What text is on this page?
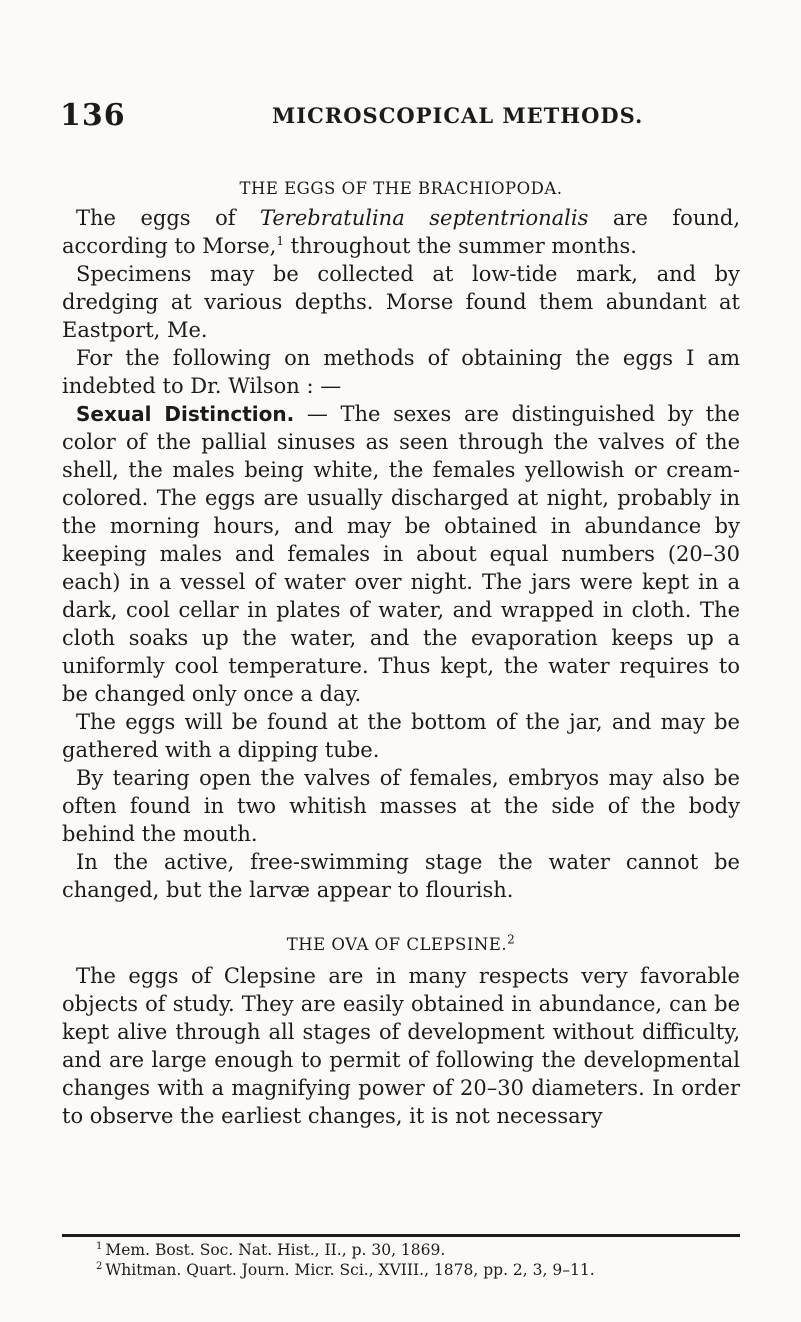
136	MICROSCOPICAL METHODS.
THE EGGS OF THE BRACHIOPODA.

The eggs of Terebratulina septentrionalis are found, according to Morse,$^1$ throughout the summer months.

Specimens may be collected at low-tide mark, and by dredging at various depths. Morse found them abundant at Eastport, Me.

For the following on methods of obtaining the eggs I am indebted to Dr. Wilson : —

Sexual Distinction. — The sexes are distinguished by the color of the pallial sinuses as seen through the valves of the shell, the males being white, the females yellowish or cream-colored. The eggs are usually discharged at night, probably in the morning hours, and may be obtained in abundance by keeping males and females in about equal numbers (20–30 each) in a vessel of water over night. The jars were kept in a dark, cool cellar in plates of water, and wrapped in cloth. The cloth soaks up the water, and the evaporation keeps up a uniformly cool temperature. Thus kept, the water requires to be changed only once a day.

The eggs will be found at the bottom of the jar, and may be gathered with a dipping tube.

By tearing open the valves of females, embryos may also be often found in two whitish masses at the side of the body behind the mouth.

In the active, free-swimming stage the water cannot be changed, but the larvæ appear to flourish.

THE OVA OF CLEPSINE.$^2$

The eggs of Clepsine are in many respects very favorable objects of study. They are easily obtained in abundance, can be kept alive through all stages of development without difficulty, and are large enough to permit of following the developmental changes with a magnifying power of 20–30 diameters. In order to observe the earliest changes, it is not necessary

$^1$ Mem. Bost. Soc. Nat. Hist., II., p. 30, 1869.
$^2$ Whitman. Quart. Journ. Micr. Sci., XVIII., 1878, pp. 2, 3, 9–11.
